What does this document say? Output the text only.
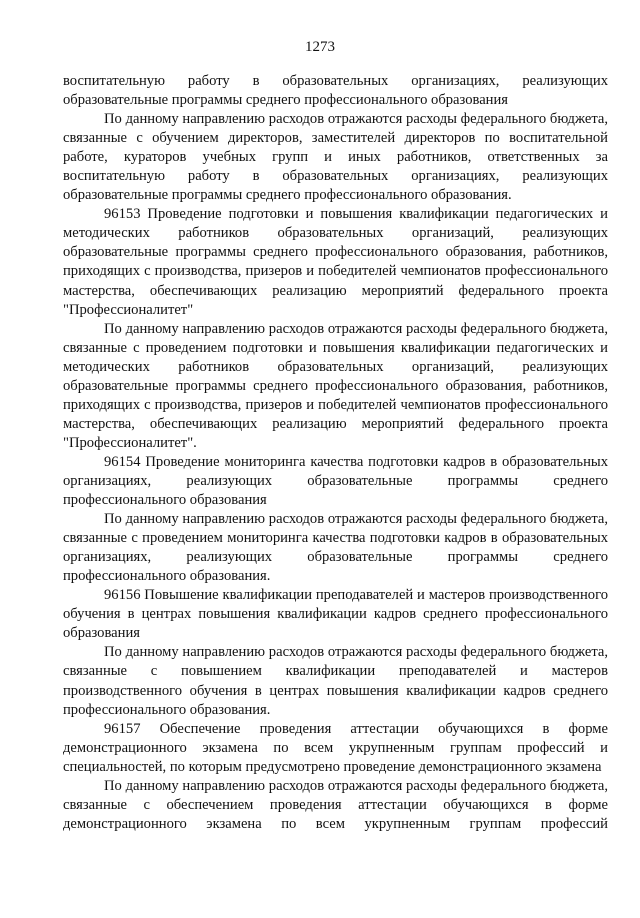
1273

воспитательную работу в образовательных организациях, реализующих образовательные программы среднего профессионального образования

По данному направлению расходов отражаются расходы федерального бюджета, связанные с обучением директоров, заместителей директоров по воспитательной работе, кураторов учебных групп и иных работников, ответственных за воспитательную работу в образовательных организациях, реализующих образовательные программы среднего профессионального образования.

96153 Проведение подготовки и повышения квалификации педагогических и методических работников образовательных организаций, реализующих образовательные программы среднего профессионального образования, работников, приходящих с производства, призеров и победителей чемпионатов профессионального мастерства, обеспечивающих реализацию мероприятий федерального проекта "Профессионалитет"

По данному направлению расходов отражаются расходы федерального бюджета, связанные с проведением подготовки и повышения квалификации педагогических и методических работников образовательных организаций, реализующих образовательные программы среднего профессионального образования, работников, приходящих с производства, призеров и победителей чемпионатов профессионального мастерства, обеспечивающих реализацию мероприятий федерального проекта "Профессионалитет".

96154 Проведение мониторинга качества подготовки кадров в образовательных организациях, реализующих образовательные программы среднего профессионального образования

По данному направлению расходов отражаются расходы федерального бюджета, связанные с проведением мониторинга качества подготовки кадров в образовательных организациях, реализующих образовательные программы среднего профессионального образования.

96156 Повышение квалификации преподавателей и мастеров производственного обучения в центрах повышения квалификации кадров среднего профессионального образования

По данному направлению расходов отражаются расходы федерального бюджета, связанные с повышением квалификации преподавателей и мастеров производственного обучения в центрах повышения квалификации кадров среднего профессионального образования.

96157 Обеспечение проведения аттестации обучающихся в форме демонстрационного экзамена по всем укрупненным группам профессий и специальностей, по которым предусмотрено проведение демонстрационного экзамена

По данному направлению расходов отражаются расходы федерального бюджета, связанные с обеспечением проведения аттестации обучающихся в форме демонстрационного экзамена по всем укрупненным группам профессий
